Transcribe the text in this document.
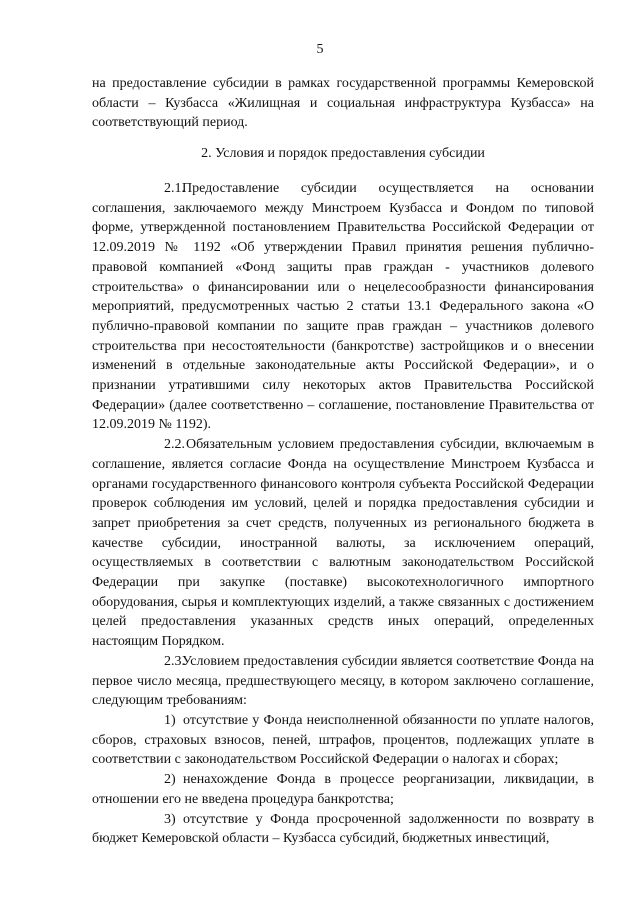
5

на предоставление субсидии в рамках государственной программы Кемеровской области – Кузбасса «Жилищная и социальная инфраструктура Кузбасса» на соответствующий период.

2. Условия и порядок предоставления субсидии

2.1.Предоставление субсидии осуществляется на основании соглашения, заключаемого между Минстроем Кузбасса и Фондом по типовой форме, утвержденной постановлением Правительства Российской Федерации от 12.09.2019 № 1192 «Об утверждении Правил принятия решения публично-правовой компанией «Фонд защиты прав граждан - участников долевого строительства» о финансировании или о нецелесообразности финансирования мероприятий, предусмотренных частью 2 статьи 13.1 Федерального закона «О публично-правовой компании по защите прав граждан – участников долевого строительства при несостоятельности (банкротстве) застройщиков и о внесении изменений в отдельные законодательные акты Российской Федерации», и о признании утратившими силу некоторых актов Правительства Российской Федерации» (далее соответственно – соглашение, постановление Правительства от 12.09.2019 № 1192).

2.2.Обязательным условием предоставления субсидии, включаемым в соглашение, является согласие Фонда на осуществление Минстроем Кузбасса и органами государственного финансового контроля субъекта Российской Федерации проверок соблюдения им условий, целей и порядка предоставления субсидии и запрет приобретения за счет средств, полученных из регионального бюджета в качестве субсидии, иностранной валюты, за исключением операций, осуществляемых в соответствии с валютным законодательством Российской Федерации при закупке (поставке) высокотехнологичного импортного оборудования, сырья и комплектующих изделий, а также связанных с достижением целей предоставления указанных средств иных операций, определенных настоящим Порядком.

2.3.Условием предоставления субсидии является соответствие Фонда на первое число месяца, предшествующего месяцу, в котором заключено соглашение, следующим требованиям:

1) отсутствие у Фонда неисполненной обязанности по уплате налогов, сборов, страховых взносов, пеней, штрафов, процентов, подлежащих уплате в соответствии с законодательством Российской Федерации о налогах и сборах;

2) ненахождение Фонда в процессе реорганизации, ликвидации, в отношении его не введена процедура банкротства;

3) отсутствие у Фонда просроченной задолженности по возврату в бюджет Кемеровской области – Кузбасса субсидий, бюджетных инвестиций,
